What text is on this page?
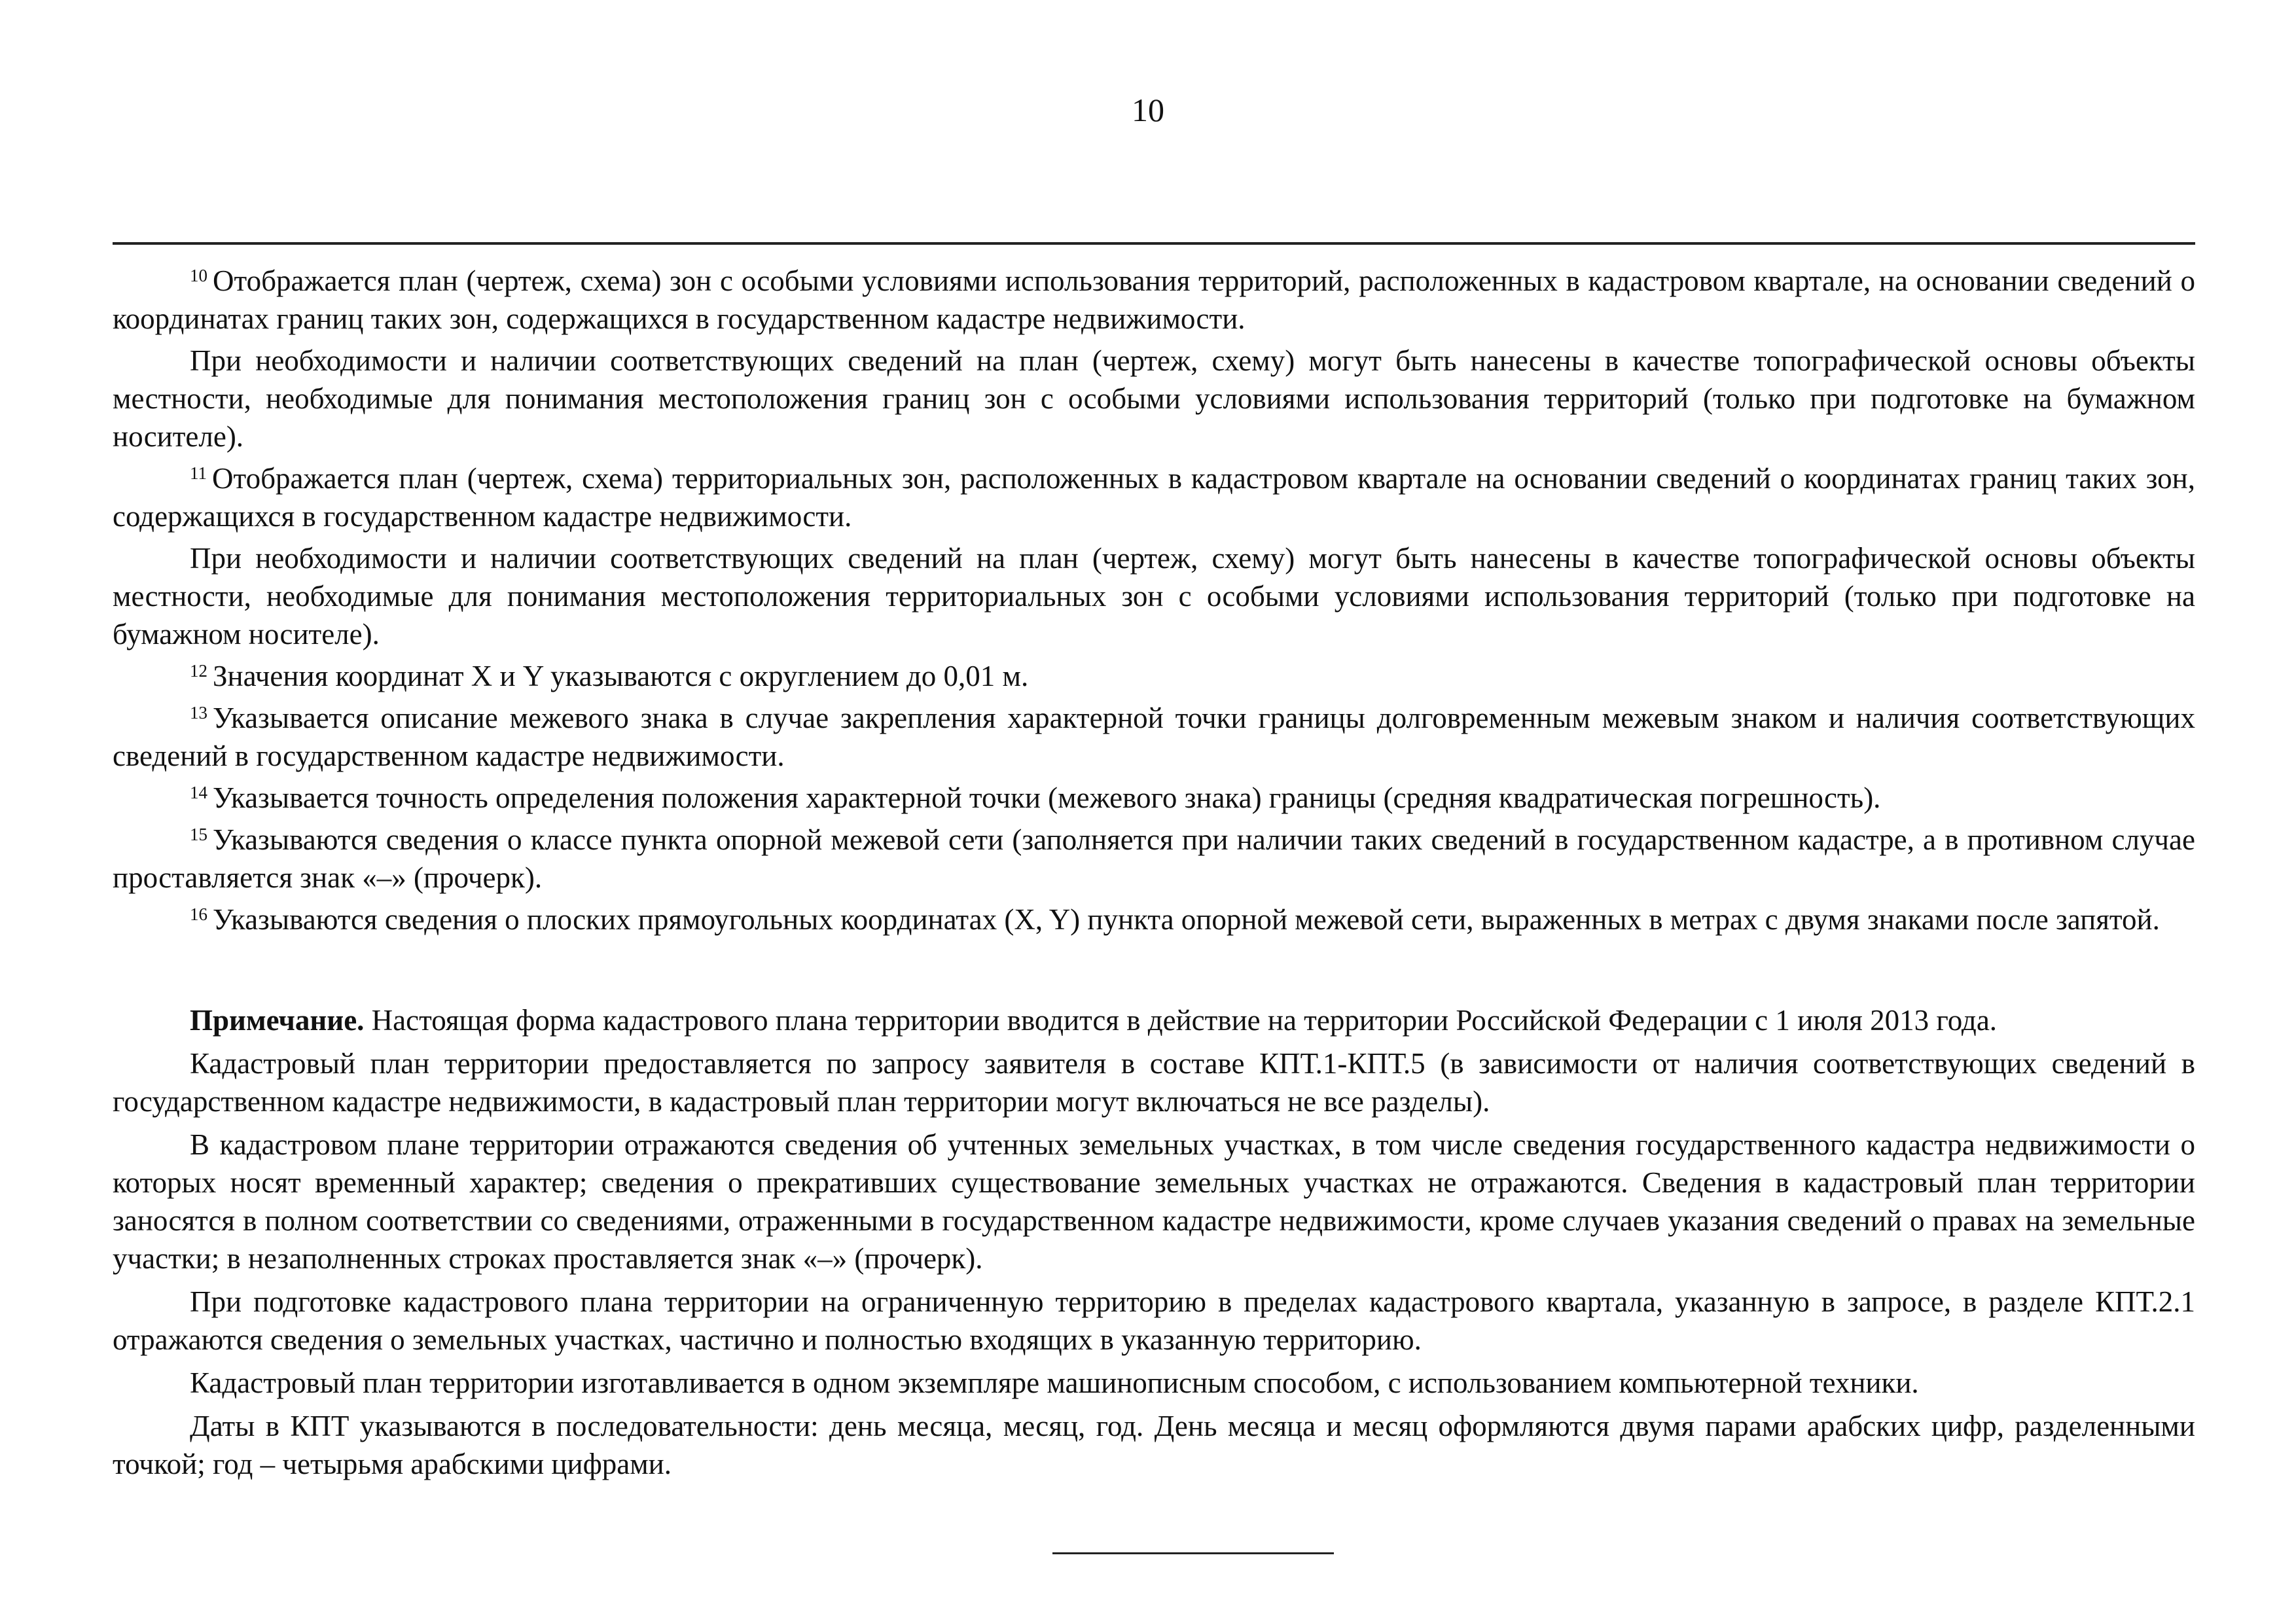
10

$^{10}$ Отображается план (чертеж, схема) зон с особыми условиями использования территорий, расположенных в кадастровом квартале, на основании сведений о координатах границ таких зон, содержащихся в государственном кадастре недвижимости.

При необходимости и наличии соответствующих сведений на план (чертеж, схему) могут быть нанесены в качестве топографической основы объекты местности, необходимые для понимания местоположения границ зон с особыми условиями использования территорий (только при подготовке на бумажном носителе).

$^{11}$ Отображается план (чертеж, схема) территориальных зон, расположенных в кадастровом квартале на основании сведений о координатах границ таких зон, содержащихся в государственном кадастре недвижимости.

При необходимости и наличии соответствующих сведений на план (чертеж, схему) могут быть нанесены в качестве топографической основы объекты местности, необходимые для понимания местоположения территориальных зон с особыми условиями использования территорий (только при подготовке на бумажном носителе).

$^{12}$ Значения координат X и Y указываются с округлением до 0,01 м.

$^{13}$ Указывается описание межевого знака в случае закрепления характерной точки границы долговременным межевым знаком и наличия соответствующих сведений в государственном кадастре недвижимости.

$^{14}$ Указывается точность определения положения характерной точки (межевого знака) границы (средняя квадратическая погрешность).

$^{15}$ Указываются сведения о классе пункта опорной межевой сети (заполняется при наличии таких сведений в государственном кадастре, а в противном случае проставляется знак «–» (прочерк).

$^{16}$ Указываются сведения о плоских прямоугольных координатах (X, Y) пункта опорной межевой сети, выраженных в метрах с двумя знаками после запятой.

Примечание. Настоящая форма кадастрового плана территории вводится в действие на территории Российской Федерации с 1 июля 2013 года.

Кадастровый план территории предоставляется по запросу заявителя в составе КПТ.1-КПТ.5 (в зависимости от наличия соответствующих сведений в государственном кадастре недвижимости, в кадастровый план территории могут включаться не все разделы).

В кадастровом плане территории отражаются сведения об учтенных земельных участках, в том числе сведения государственного кадастра недвижимости о которых носят временный характер; сведения о прекративших существование земельных участках не отражаются. Сведения в кадастровый план территории заносятся в полном соответствии со сведениями, отраженными в государственном кадастре недвижимости, кроме случаев указания сведений о правах на земельные участки; в незаполненных строках проставляется знак «–» (прочерк).

При подготовке кадастрового плана территории на ограниченную территорию в пределах кадастрового квартала, указанную в запросе, в разделе КПТ.2.1 отражаются сведения о земельных участках, частично и полностью входящих в указанную территорию.

Кадастровый план территории изготавливается в одном экземпляре машинописным способом, с использованием компьютерной техники.

Даты в КПТ указываются в последовательности: день месяца, месяц, год. День месяца и месяц оформляются двумя парами арабских цифр, разделенными точкой; год – четырьмя арабскими цифрами.
